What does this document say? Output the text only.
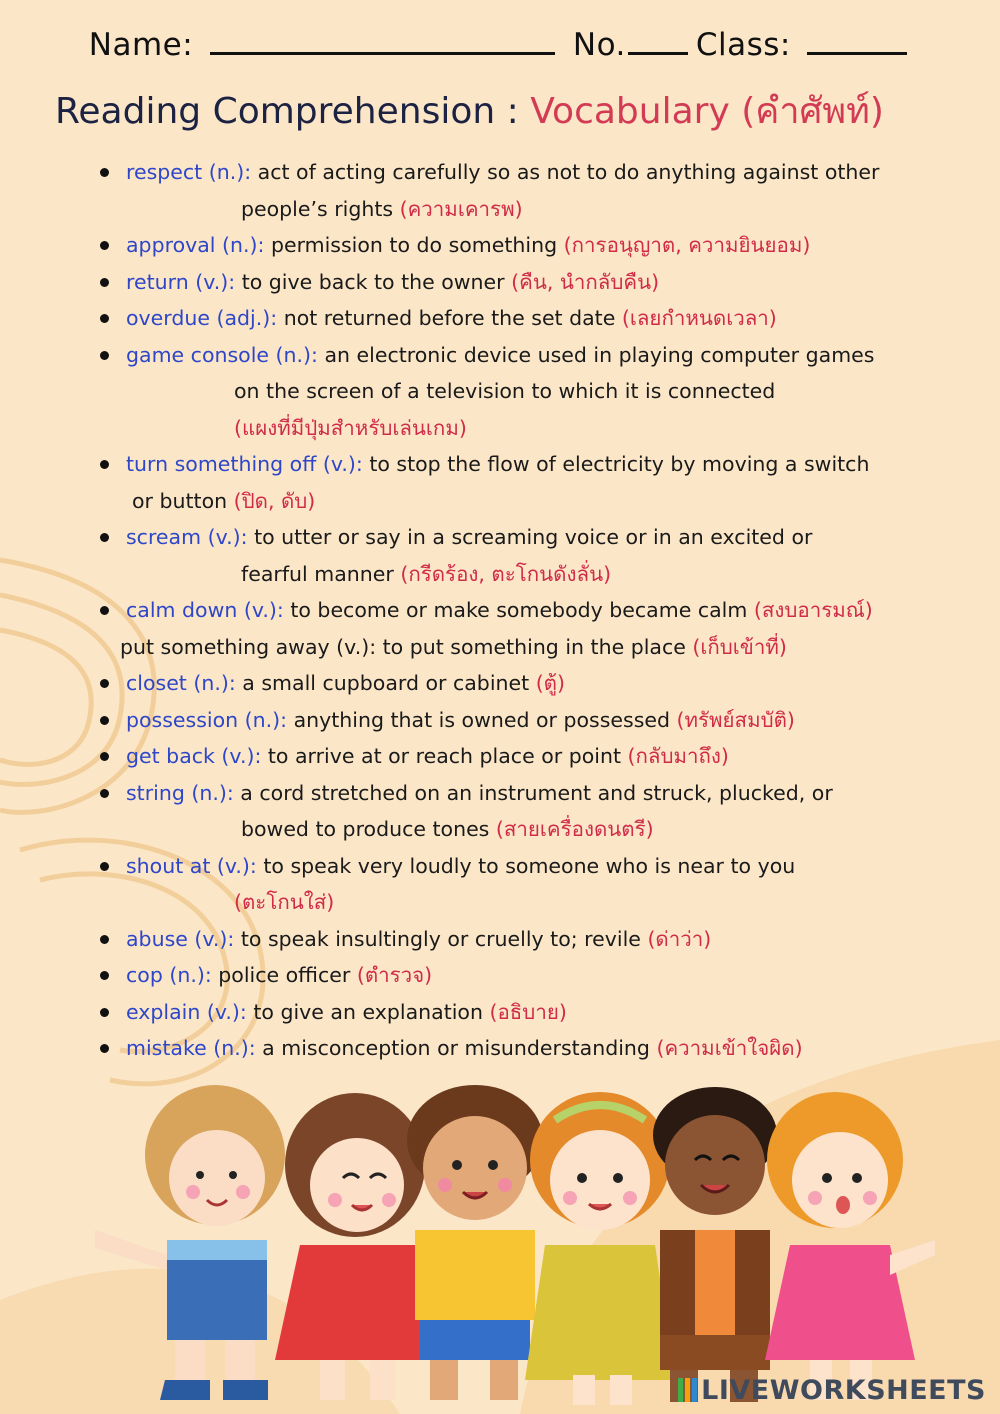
Name:	No. Class:
Reading Comprehension : Vocabulary (คำศัพท์)
respect (n.): act of acting carefully so as not to do anything against other
people’s rights (ความเคารพ)
approval (n.): permission to do something (การอนุญาต, ความยินยอม)
return (v.): to give back to the owner (คืน, นำกลับคืน)
overdue (adj.): not returned before the set date (เลยกำหนดเวลา)
game console (n.): an electronic device used in playing computer games
on the screen of a television to which it is connected
(แผงที่มีปุ่มสำหรับเล่นเกม)
turn something off (v.): to stop the flow of electricity by moving a switch
or button (ปิด, ดับ)
scream (v.): to utter or say in a screaming voice or in an excited or
fearful manner (กรีดร้อง, ตะโกนดังลั่น)
calm down (v.): to become or make somebody became calm (สงบอารมณ์)
put something away (v.): to put something in the place (เก็บเข้าที่)
closet (n.): a small cupboard or cabinet (ตู้)
possession (n.): anything that is owned or possessed (ทรัพย์สมบัติ)
get back (v.): to arrive at or reach place or point (กลับมาถึง)
string (n.): a cord stretched on an instrument and struck, plucked, or
bowed to produce tones (สายเครื่องดนตรี)
shout at (v.): to speak very loudly to someone who is near to you
(ตะโกนใส่)
abuse (v.): to speak insultingly or cruelly to; revile (ด่าว่า)
cop (n.): police officer (ตำรวจ)
explain (v.): to give an explanation (อธิบาย)
mistake (n.): a misconception or misunderstanding (ความเข้าใจผิด)
LIVEWORKSHEETS
